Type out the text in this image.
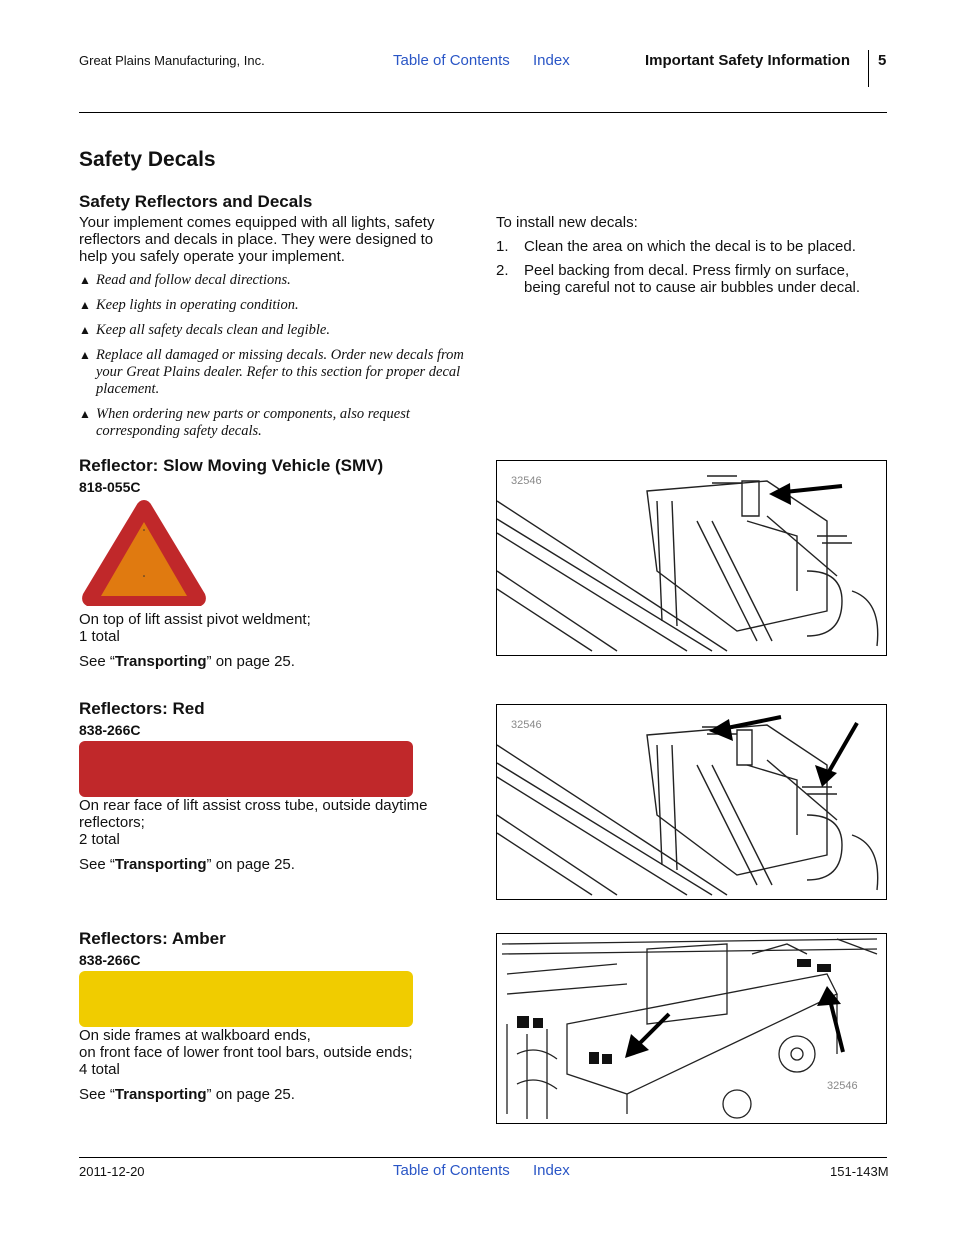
Great Plains Manufacturing, Inc.	Table of Contents Index	Important Safety Information 5
Safety Decals
Safety Reflectors and Decals
Your implement comes equipped with all lights, safety reflectors and decals in place. They were designed to help you safely operate your implement.
▲ Read and follow decal directions.
▲ Keep lights in operating condition.
▲ Keep all safety decals clean and legible.
▲ Replace all damaged or missing decals. Order new decals from your Great Plains dealer. Refer to this section for proper decal placement.
▲ When ordering new parts or components, also request corresponding safety decals.
To install new decals:
1. Clean the area on which the decal is to be placed.
2. Peel backing from decal. Press firmly on surface, being careful not to cause air bubbles under decal.
Reflector: Slow Moving Vehicle (SMV)
818-055C
On top of lift assist pivot weldment;
1 total
See “Transporting” on page 25.
32546
Reflectors: Red
838-266C
On rear face of lift assist cross tube, outside daytime reflectors;
2 total
See “Transporting” on page 25.
32546
Reflectors: Amber
838-266C
On side frames at walkboard ends,
on front face of lower front tool bars, outside ends;
4 total
See “Transporting” on page 25.	32546
2011-12-20	Table of Contents Index	151-143M
